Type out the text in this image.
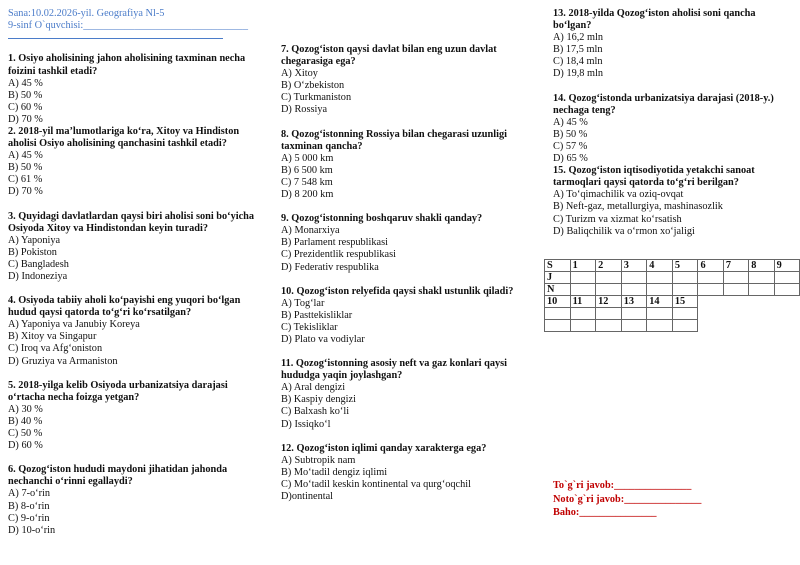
Sana:10.02.2026-yil. Geografiya Nl-5
9-sinf O`quvchisi:________________________________
1. Osiyo aholisining jahon aholisining taxminan necha foizini tashkil etadi?
A) 45 %
B) 50 %
C) 60 %
D) 70 %
2. 2018-yil ma’lumotlariga ko‘ra, Xitoy va Hindiston aholisi Osiyo aholisining qanchasini tashkil etadi?
A) 45 %
B) 50 %
C) 61 %
D) 70 %
3. Quyidagi davlatlardan qaysi biri aholisi soni bo‘yicha Osiyoda Xitoy va Hindistondan keyin turadi?
A) Yaponiya
B) Pokiston
C) Bangladesh
D) Indoneziya
4. Osiyoda tabiiy aholi ko‘payishi eng yuqori bo‘lgan hudud qaysi qatorda to‘g‘ri ko‘rsatilgan?
A) Yaponiya va Janubiy Koreya
B) Xitoy va Singapur
C) Iroq va Afg‘oniston
D) Gruziya va Armaniston
5. 2018-yilga kelib Osiyoda urbanizatsiya darajasi o‘rtacha necha foizga yetgan?
A) 30 %
B) 40 %
C) 50 %
D) 60 %
6. Qozog‘iston hududi maydoni jihatidan jahonda nechanchi o‘rinni egallaydi?
A) 7-o‘rin
B) 8-o‘rin
C) 9-o‘rin
D) 10-o‘rin
7. Qozog‘iston qaysi davlat bilan eng uzun davlat chegarasiga ega?
A) Xitoy
B) O‘zbekiston
C) Turkmaniston
D) Rossiya
8. Qozog‘istonning Rossiya bilan chegarasi uzunligi taxminan qancha?
A) 5 000 km
B) 6 500 km
C) 7 548 km
D) 8 200 km
9. Qozog‘istonning boshqaruv shakli qanday?
A) Monarxiya
B) Parlament respublikasi
C) Prezidentlik respublikasi
D) Federativ respublika
10. Qozog‘iston relyefida qaysi shakl ustunlik qiladi?
A) Tog‘lar
B) Pasttekisliklar
C) Tekisliklar
D) Plato va vodiylar
11. Qozog‘istonning asosiy neft va gaz konlari qaysi hududga yaqin joylashgan?
A) Aral dengizi
B) Kaspiy dengizi
C) Balxash ko‘li
D) Issiqko‘l
12. Qozog‘iston iqlimi qanday xarakterga ega?
A) Subtropik nam
B) Mo‘tadil dengiz iqlimi
C) Mo‘tadil keskin kontinental va qurg‘oqchil
D)ontinental
13. 2018-yilda Qozog‘iston aholisi soni qancha bo‘lgan?
A) 16,2 mln
B) 17,5 mln
C) 18,4 mln
D) 19,8 mln
14. Qozog‘istonda urbanizatsiya darajasi (2018-y.) nechaga teng?
A) 45 %
B) 50 %
C) 57 %
D) 65 %
15. Qozog‘iston iqtisodiyotida yetakchi sanoat tarmoqlari qaysi qatorda to‘g‘ri berilgan?
A) To‘qimachilik va oziq-ovqat
B) Neft-gaz, metallurgiya, mashinasozlik
C) Turizm va xizmat ko‘rsatish
D) Baliqchilik va o‘rmon xo‘jaligi
S	1	2	3	4	5	6	7	8	9
J									
N									
10	11	12	13	14	15				

To`g`ri javob:_______________
Noto`g`ri javob:_______________
Baho:_______________
